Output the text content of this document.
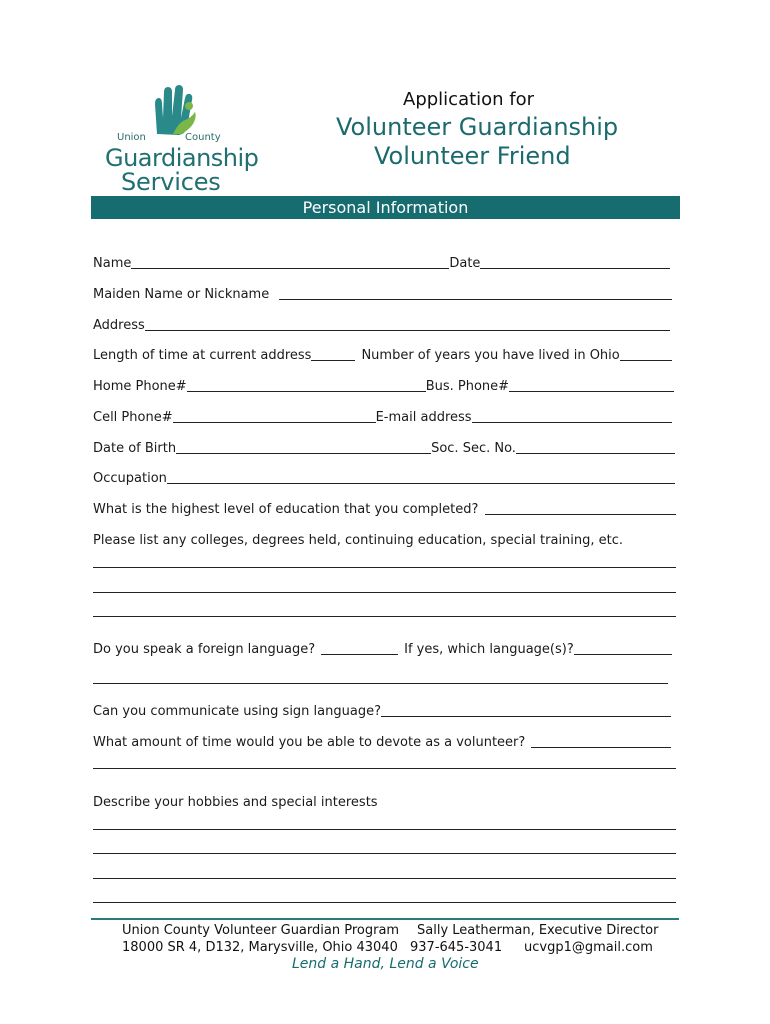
Union	County
Guardianship
Services
Application for
Volunteer Guardianship
Volunteer Friend
Personal Information
Name	Date
Maiden Name or Nickname
Address
Length of time at current address	Number of years you have lived in Ohio
Home Phone#	Bus. Phone#
Cell Phone#	E-mail address
Date of Birth	Soc. Sec. No.
Occupation
What is the highest level of education that you completed?
Please list any colleges, degrees held, continuing education, special training, etc.
Do you speak a foreign language?	If yes, which language(s)?
Can you communicate using sign language?
What amount of time would you be able to devote as a volunteer?
Describe your hobbies and special interests
Union County Volunteer Guardian Program Sally Leatherman, Executive Director
18000 SR 4, D132, Marysville, Ohio 43040 937-645-3041 ucvgp1@gmail.com
Lend a Hand, Lend a Voice
